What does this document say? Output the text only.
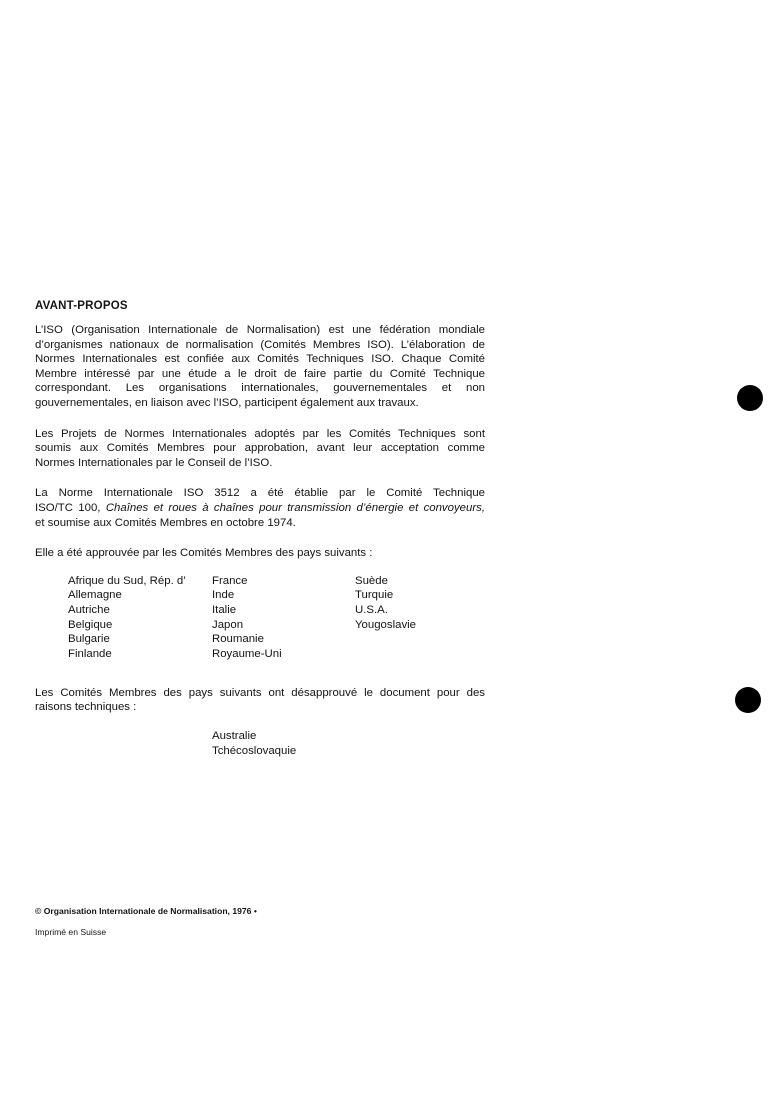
AVANT-PROPOS
L’ISO (Organisation Internationale de Normalisation) est une fédération mondiale
d’organismes nationaux de normalisation (Comités Membres ISO). L’élaboration de
Normes Internationales est confiée aux Comités Techniques ISO. Chaque Comité
Membre intéressé par une étude a le droit de faire partie du Comité Technique
correspondant. Les organisations internationales, gouvernementales et non
gouvernementales, en liaison avec l’ISO, participent également aux travaux.
Les Projets de Normes Internationales adoptés par les Comités Techniques sont
soumis aux Comités Membres pour approbation, avant leur acceptation comme
Normes Internationales par le Conseil de l’ISO.
La Norme Internationale ISO 3512 a été établie par le Comité Technique
ISO/TC 100, Chaînes et roues à chaînes pour transmission d’énergie et convoyeurs,
et soumise aux Comités Membres en octobre 1974.
Elle a été approuvée par les Comités Membres des pays suivants :
Afrique du Sud, Rép. d’
Allemagne
Autriche
Belgique
Bulgarie
Finlande
France
Inde
Italie
Japon
Roumanie
Royaume-Uni
Suède
Turquie
U.S.A.
Yougoslavie
Les Comités Membres des pays suivants ont désapprouvé le document pour des
raisons techniques :
Australie
Tchécoslovaquie
© Organisation Internationale de Normalisation, 1976 •
Imprimé en Suisse
